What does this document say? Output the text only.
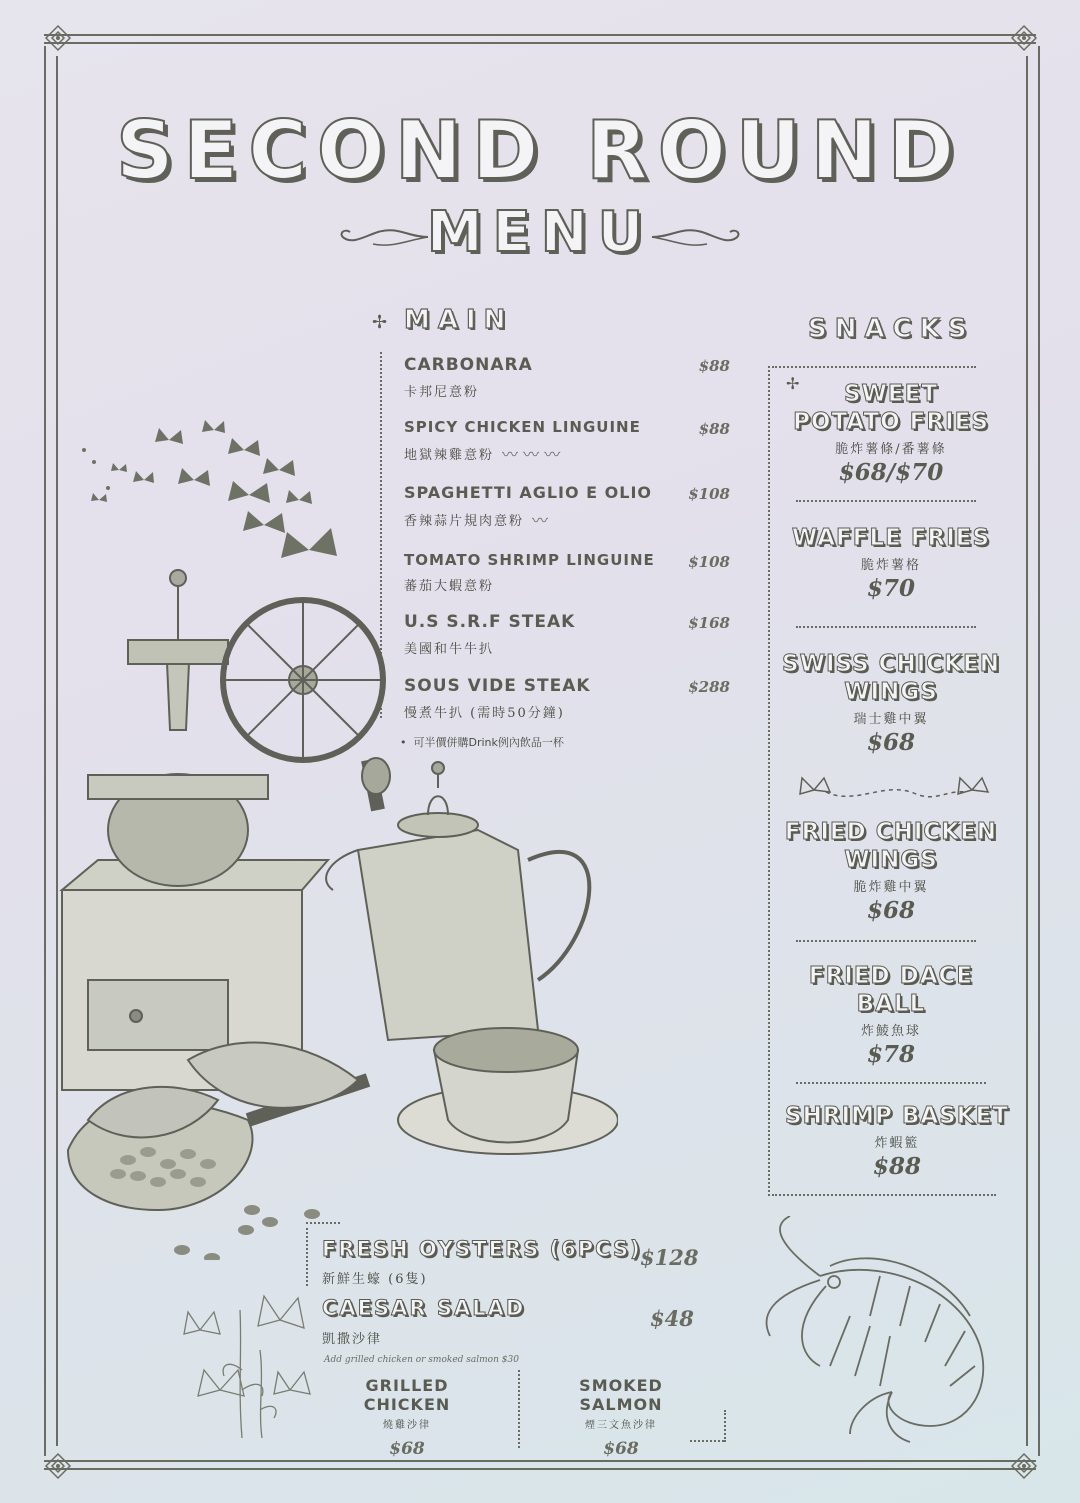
SECOND ROUND
MENU
✢ MAIN
CARBONARA	$88
卡邦尼意粉
SPICY CHICKEN LINGUINE	$88
地獄辣雞意粉 〰 〰 〰
SPAGHETTI AGLIO E OLIO	$108
香辣蒜片規肉意粉 〰
TOMATO SHRIMP LINGUINE	$108
蕃茄大蝦意粉
U.S S.R.F STEAK	$168
美國和牛牛扒
SOUS VIDE STEAK	$288
慢煮牛扒 (需時50分鐘)
•  可半價併購Drink例內飲品一杯
SNACKS
✢	SWEET POTATO FRIES
脆炸薯條/番薯條
$68/$70
WAFFLE FRIES
脆炸薯格
$70
SWISS CHICKEN WINGS
瑞士雞中翼
$68
FRIED CHICKEN WINGS
脆炸雞中翼
$68
FRIED DACE BALL
炸鯪魚球
$78
SHRIMP BASKET
炸蝦籃
$88
FRESH OYSTERS (6PCS)
$128
新鮮生蠔 (6隻)
CAESAR SALAD	$48
凱撒沙律
Add grilled chicken or smoked salmon $30
GRILLED CHICKEN
燒雞沙律
$68
SMOKED SALMON
煙三文魚沙律
$68
